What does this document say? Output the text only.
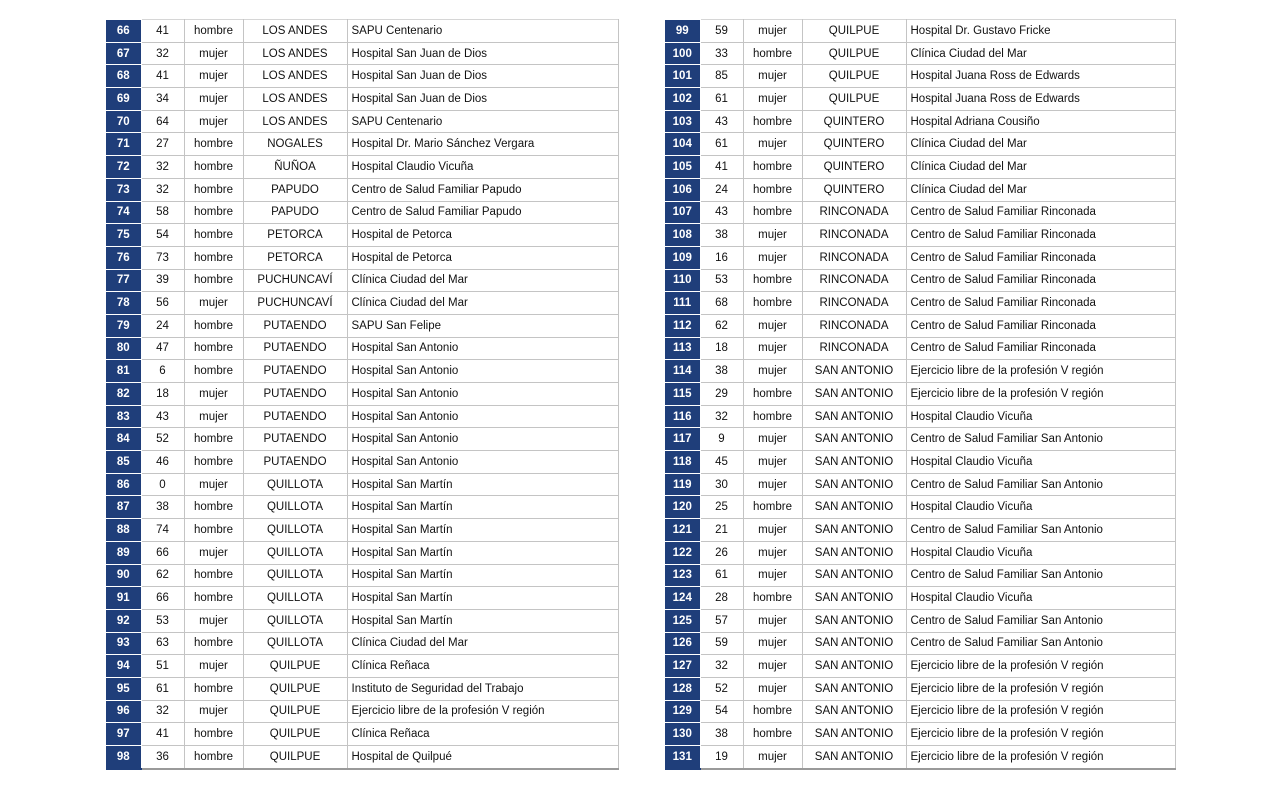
66	41	hombre	LOS ANDES	SAPU Centenario
67	32	mujer	LOS ANDES	Hospital San Juan de Dios
68	41	mujer	LOS ANDES	Hospital San Juan de Dios
69	34	mujer	LOS ANDES	Hospital San Juan de Dios
70	64	mujer	LOS ANDES	SAPU Centenario
71	27	hombre	NOGALES	Hospital Dr. Mario Sánchez Vergara
72	32	hombre	ÑUÑOA	Hospital Claudio Vicuña
73	32	hombre	PAPUDO	Centro de Salud Familiar Papudo
74	58	hombre	PAPUDO	Centro de Salud Familiar Papudo
75	54	hombre	PETORCA	Hospital de Petorca
76	73	hombre	PETORCA	Hospital de Petorca
77	39	hombre	PUCHUNCAVÍ	Clínica Ciudad del Mar
78	56	mujer	PUCHUNCAVÍ	Clínica Ciudad del Mar
79	24	hombre	PUTAENDO	SAPU San Felipe
80	47	hombre	PUTAENDO	Hospital San Antonio
81	6	hombre	PUTAENDO	Hospital San Antonio
82	18	mujer	PUTAENDO	Hospital San Antonio
83	43	mujer	PUTAENDO	Hospital San Antonio
84	52	hombre	PUTAENDO	Hospital San Antonio
85	46	hombre	PUTAENDO	Hospital San Antonio
86	0	mujer	QUILLOTA	Hospital San Martín
87	38	hombre	QUILLOTA	Hospital San Martín
88	74	hombre	QUILLOTA	Hospital San Martín
89	66	mujer	QUILLOTA	Hospital San Martín
90	62	hombre	QUILLOTA	Hospital San Martín
91	66	hombre	QUILLOTA	Hospital San Martín
92	53	mujer	QUILLOTA	Hospital San Martín
93	63	hombre	QUILLOTA	Clínica Ciudad del Mar
94	51	mujer	QUILPUE	Clínica Reñaca
95	61	hombre	QUILPUE	Instituto de Seguridad del Trabajo
96	32	mujer	QUILPUE	Ejercicio libre de la profesión V región
97	41	hombre	QUILPUE	Clínica Reñaca
98	36	hombre	QUILPUE	Hospital de Quilpué
99	59	mujer	QUILPUE	Hospital Dr. Gustavo Fricke
100	33	hombre	QUILPUE	Clínica Ciudad del Mar
101	85	mujer	QUILPUE	Hospital Juana Ross de Edwards
102	61	mujer	QUILPUE	Hospital Juana Ross de Edwards
103	43	hombre	QUINTERO	Hospital Adriana Cousiño
104	61	mujer	QUINTERO	Clínica Ciudad del Mar
105	41	hombre	QUINTERO	Clínica Ciudad del Mar
106	24	hombre	QUINTERO	Clínica Ciudad del Mar
107	43	hombre	RINCONADA	Centro de Salud Familiar Rinconada
108	38	mujer	RINCONADA	Centro de Salud Familiar Rinconada
109	16	mujer	RINCONADA	Centro de Salud Familiar Rinconada
110	53	hombre	RINCONADA	Centro de Salud Familiar Rinconada
111	68	hombre	RINCONADA	Centro de Salud Familiar Rinconada
112	62	mujer	RINCONADA	Centro de Salud Familiar Rinconada
113	18	mujer	RINCONADA	Centro de Salud Familiar Rinconada
114	38	mujer	SAN ANTONIO	Ejercicio libre de la profesión V región
115	29	hombre	SAN ANTONIO	Ejercicio libre de la profesión V región
116	32	hombre	SAN ANTONIO	Hospital Claudio Vicuña
117	9	mujer	SAN ANTONIO	Centro de Salud Familiar San Antonio
118	45	mujer	SAN ANTONIO	Hospital Claudio Vicuña
119	30	mujer	SAN ANTONIO	Centro de Salud Familiar San Antonio
120	25	hombre	SAN ANTONIO	Hospital Claudio Vicuña
121	21	mujer	SAN ANTONIO	Centro de Salud Familiar San Antonio
122	26	mujer	SAN ANTONIO	Hospital Claudio Vicuña
123	61	mujer	SAN ANTONIO	Centro de Salud Familiar San Antonio
124	28	hombre	SAN ANTONIO	Hospital Claudio Vicuña
125	57	mujer	SAN ANTONIO	Centro de Salud Familiar San Antonio
126	59	mujer	SAN ANTONIO	Centro de Salud Familiar San Antonio
127	32	mujer	SAN ANTONIO	Ejercicio libre de la profesión V región
128	52	mujer	SAN ANTONIO	Ejercicio libre de la profesión V región
129	54	hombre	SAN ANTONIO	Ejercicio libre de la profesión V región
130	38	hombre	SAN ANTONIO	Ejercicio libre de la profesión V región
131	19	mujer	SAN ANTONIO	Ejercicio libre de la profesión V región
